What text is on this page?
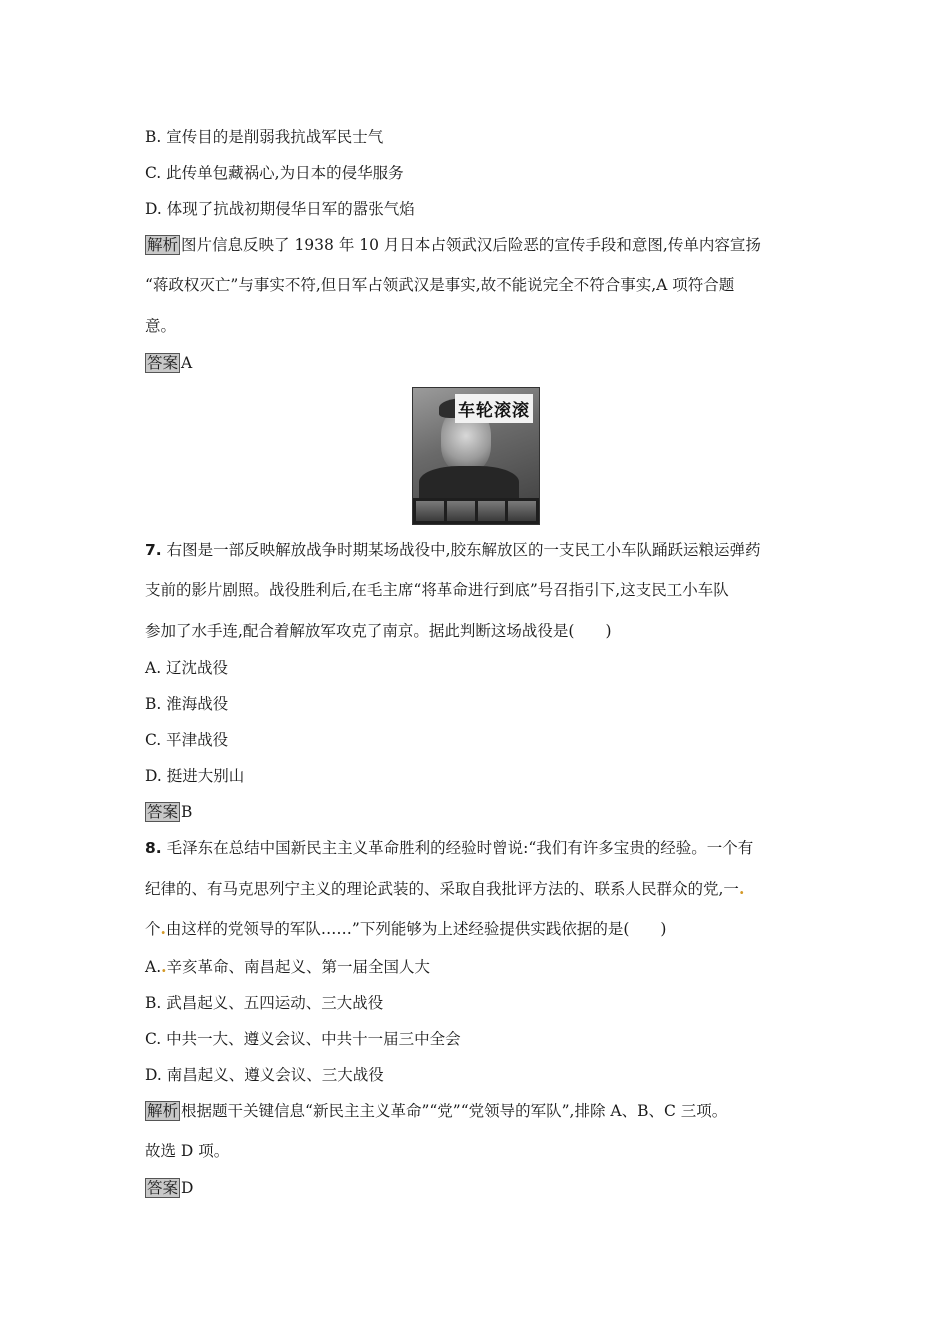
B. 宣传目的是削弱我抗战军民士气
C. 此传单包藏祸心,为日本的侵华服务
D. 体现了抗战初期侵华日军的嚣张气焰
解析 图片信息反映了 1938 年 10 月日本占领武汉后险恶的宣传手段和意图,传单内容宣扬
“蒋政权灭亡”与事实不符,但日军占领武汉是事实,故不能说完全不符合事实,A 项符合题
意。
答案 A
车轮滚滚
7. 右图是一部反映解放战争时期某场战役中,胶东解放区的一支民工小车队踊跃运粮运弹药
支前的影片剧照。战役胜利后,在毛主席“将革命进行到底”号召指引下,这支民工小车队
参加了水手连,配合着解放军攻克了南京。据此判断这场战役是(　　)
A. 辽沈战役
B. 淮海战役
C. 平津战役
D. 挺进大别山
答案 B
8. 毛泽东在总结中国新民主主义革命胜利的经验时曾说:“我们有许多宝贵的经验。一个有
纪律的、有马克思列宁主义的理论武装的、采取自我批评方法的、联系人民群众的党,一.
个.由这样的党领导的军队……”下列能够为上述经验提供实践依据的是(　　)
A..辛亥革命、南昌起义、第一届全国人大
B. 武昌起义、五四运动、三大战役
C. 中共一大、遵义会议、中共十一届三中全会
D. 南昌起义、遵义会议、三大战役
解析 根据题干关键信息“新民主主义革命”“党”“党领导的军队”,排除 A、B、C 三项。
故选 D 项。
答案 D
